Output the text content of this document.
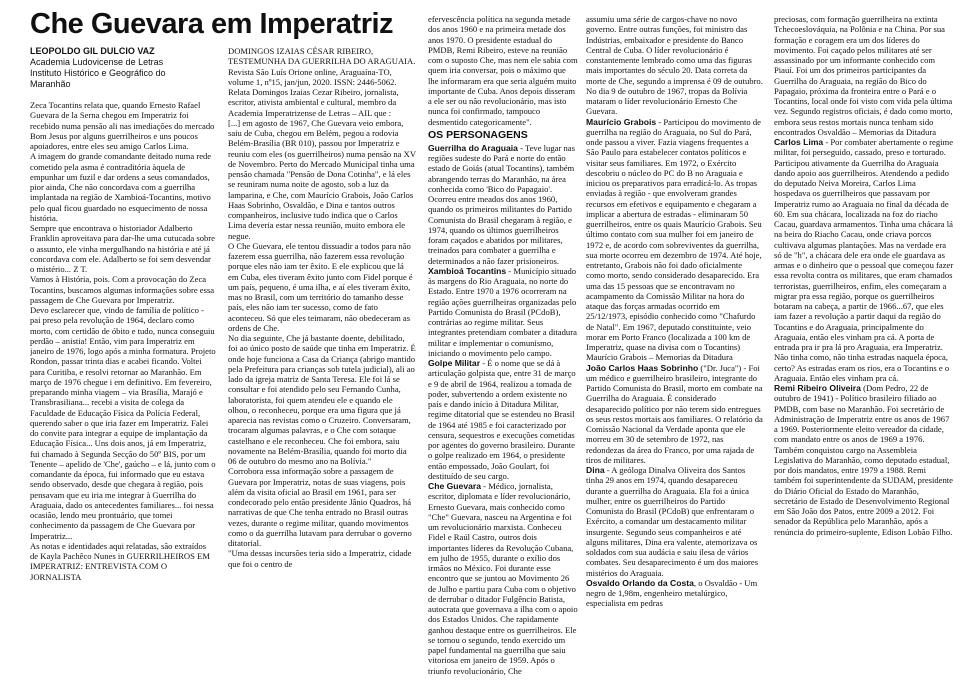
Che Guevara em Imperatriz
LEOPOLDO GIL DULCIO VAZ
Academia Ludovicense de Letras
Instituto Histórico e Geográfico do
Maranhão

Zeca Tocantins relata que, quando Ernesto Rafael Guevara de la Serna chegou em Imperatriz foi recebido numa pensão ali nas imediações do mercado Bom Jesus por alguns guerrilheiros e uns poucos apoiadores, entre eles seu amigo Carlos Lima.

A imagem do grande comandante deitado numa rede cometido pela asma é contraditória àquela de empunhar um fuzil e dar ordens a seus comandados, pior ainda, Che não concordava com a guerrilha implantada na região de Xambioá-Tocantins, motivo pelo qual ficou guardado no esquecimento de nossa história.

Sempre que encontrava o historiador Adalberto Franklin aproveitava para dar-lhe uma cutucada sobre o assunto, ele vinha mergulhando na história e até já concordava com ele. Adalberto se foi sem desvendar o mistério... Z T.

Vamos à História, pois. Com a provocação do Zeca Tocantins, buscamos algumas informações sobre essa passagem de Che Guevara por Imperatriz.

Devo esclarecer que, vindo de família de político - pai preso pela revolução de 1964, declaro como morto, com certidão de óbito e tudo, nunca conseguiu perdão – anistia! Então, vim para Imperatriz em janeiro de 1976, logo após a minha formatura. Projeto Rondon, passar trinta dias e acabei ficando. Voltei para Curitiba, e resolvi retornar ao Maranhão. Em março de 1976 chegue i em definitivo. Em fevereiro, preparando minha viagem – via Brasília, Marajó e Transbrasiliana... recebi a visita de colega da Faculdade de Educação Física da Polícia Federal, querendo saber o que iria fazer em Imperatriz. Falei do convite para integrar a equipe de implantação da Educação Física... Uns dois anos, já em Imperatriz, fui chamado à Segunda Secção do 50º BIS, por um Tenente – apelido de 'Che', gaúcho – e lá, junto com o comandante da época, fui informado que eu estava sendo observado, desde que chegara à região, pois pensavam que eu iria me integrar à Guerrilha do Araguaia, dado os antecedentes familiares... foi nessa ocasião, lendo meu prontuário, que tomei conhecimento da passagem de Che Guevara por Imperatriz...

As notas e identidades aqui relatadas, são extraídos de Kayla Pachêco Nunes in GUERRILHEIROS EM IMPERATRIZ: ENTREVISTA COM O JORNALISTA

DOMINGOS IZAIAS CÉSAR RIBEIRO, TESTEMUNHA DA GUERRILHA DO ARAGUAIA. Revista São Luís Orione online, Araguaína-TO, volume 1, nº15, jan/jun, 2020. ISSN: 2446-5062.

Relata Domingos Izaias Cezar Ribeiro, jornalista, escritor, ativista ambiental e cultural, membro da Academia Imperatrizense de Letras – AIL que :

[...] em agosto de 1967, Che Guevara veio embora, saiu de Cuba, chegou em Belém, pegou a rodovia Belém-Brasília (BR 010), passou por Imperatriz e reuniu com eles (os guerrilheiros) numa pensão na XV de Novembro. Perto do Mercado Municipal tinha uma pensão chamada "Pensão de Dona Cotinha", e lá eles se reuniram numa noite de agosto, sob a luz da lamparina, e Che, com Maurício Grabois, João Carlos Haas Sobrinho, Osvaldão, e Dina e tantos outros companheiros, inclusive tudo indica que o Carlos Lima deveria estar nessa reunião, muito embora ele negue.

O Che Guevara, ele tentou dissuadir a todos para não fazerem essa guerrilha, não fazerem essa revolução porque eles não iam ter êxito. E ele explicou que lá em Cuba, eles tiveram êxito junto com Fidel porque é um país, pequeno, é uma ilha, e aí eles tiveram êxito, mas no Brasil, com um território do tamanho desse país, eles não iam ter sucesso, como de fato aconteceu. Só que eles teimaram, não obedeceram as ordens de Che.

No dia seguinte, Che já bastante doente, debilitado, foi ao único posto de saúde que tinha em Imperatriz. É onde hoje funciona a Casa da Criança (abrigo mantido pela Prefeitura para crianças sob tutela judicial), ali ao lado da igreja matriz de Santa Teresa. Ele foi lá se consultar e foi atendido pelo seu Fernando Cunha, laboratorista, foi quem atendeu ele e quando ele olhou, o reconheceu, porque era uma figura que já aparecia nas revistas como o Cruzeiro. Conversaram, trocaram algumas palavras, e o Che com sotaque castelhano e ele reconheceu. Che foi embora, saiu novamente na Belém-Brasília, quando foi morto dia 06 de outubro do mesmo ano na Bolívia."

Corrobora essa informação sobre a passagem de Guevara por Imperatriz, notas de suas viagens, pois além da visita oficial ao Brasil em 1961, para ser condecorado pelo então presidente Jânio Quadros, há narrativas de que Che tenha entrado no Brasil outras vezes, durante o regime militar, quando movimentos como o da guerrilha lutavam para derrubar o governo ditatorial.

"Uma dessas incursões teria sido a Imperatriz, cidade que foi o centro de

efervescência política na segunda metade dos anos 1960 e na primeira metade dos anos 1970. O presidente estadual do PMDB, Remi Ribeiro, esteve na reunião com o suposto Che, mas nem ele sabia com quem iria conversar, pois o máximo que lhe informaram era que seria alguém muito importante de Cuba. Anos depois disseram a ele ser ou não revolucionário, mas isto nunca foi confirmado, tampouco desmentido categoricamente".

OS PERSONAGENS

Guerrilha do Araguaia - Teve lugar nas regiões sudeste do Pará e norte do então estado de Goiás (atual Tocantins), também abrangendo terras do Maranhão, na área conhecida como 'Bico do Papagaio'. Ocorreu entre meados dos anos 1960, quando os primeiros militantes do Partido Comunista do Brasil chegaram à região, e 1974, quando os últimos guerrilheiros foram caçados e abatidos por militares, treinados para combater a guerrilha e determinados a não fazer prisioneiros.

Xambioá Tocantins - Município situado às margens do Rio Araguaia, no norte do Estado. Entre 1970 a 1976 ocorreram na região ações guerrilheiras organizadas pelo Partido Comunista do Brasil (PCdoB), contrárias ao regime militar. Seus integrantes pretendiam combater a ditadura militar e implementar o comunismo, iniciando o movimento pelo campo.

Golpe Militar - É o nome que se dá à articulação golpista que, entre 31 de março e 9 de abril de 1964, realizou a tomada de poder, subvertendo a ordem existente no país e dando início à Ditadura Militar, regime ditatorial que se estendeu no Brasil de 1964 até 1985 e foi caracterizado por censura, sequestros e execuções cometidas por agentes do governo brasileiro. Durante o golpe realizado em 1964, o presidente então empossado, João Goulart, foi destituído de seu cargo.

Che Guevara - Médico, jornalista, escritor, diplomata e líder revolucionário, Ernesto Guevara, mais conhecido como "Che" Guevara, nasceu na Argentina e foi um revolucionário marxista. Conheceu Fidel e Raúl Castro, outros dois importantes líderes da Revolução Cubana, em julho de 1955, durante o exílio dos irmãos no México. Foi durante esse encontro que se juntou ao Movimento 26 de Julho e partiu para Cuba com o objetivo de derrubar o ditador Fulgêncio Batista, autocrata que governava a ilha com o apoio dos Estados Unidos. Che rapidamente ganhou destaque entre os guerrilheiros. Ele se tornou o segundo, tendo exercido um papel fundamental na guerrilha que saiu vitoriosa em janeiro de 1959. Após o triunfo revolucionário, Che

assumiu uma série de cargos-chave no novo governo. Entre outras funções, foi ministro das Indústrias, embaixador e presidente do Banco Central de Cuba. O líder revolucionário é constantemente lembrado como uma das figuras mais importantes do século 20. Data correta da morte de Che, segundo a imprensa é 09 de outubro. No dia 9 de outubro de 1967, tropas da Bolívia mataram o líder revolucionário Ernesto Che Guevara.

Maurício Grabois - Participou do movimento de guerrilha na região do Araguaia, no Sul do Pará, onde passou a viver. Fazia viagens frequentes a São Paulo para estabelecer contatos políticos e visitar seus familiares. Em 1972, o Exército descobriu o núcleo do PC do B no Araguaia e iniciou os preparativos para erradicá-lo. As tropas enviadas à região - que envolveram grandes recursos em efetivos e equipamento e chegaram a implicar a abertura de estradas - eliminaram 50 guerrilheiros, entre os quais Maurício Grabois. Seu último contato com sua mulher foi em janeiro de 1972 e, de acordo com sobreviventes da guerrilha, sua morte ocorreu em dezembro de 1974. Até hoje, entretanto, Grabois não foi dado oficialmente como morto, sendo considerado desaparecido. Era uma das 15 pessoas que se encontravam no acampamento da Comissão Militar na hora do ataque das forças armadas ocorrido em 25/12/1973, episódio conhecido como "Chafurdo de Natal". Em 1967, deputado constituinte, veio morar em Porto Franco (localizada a 100 km de Imperatriz, quase na divisa com o Tocantins) Maurício Grabois – Memorias da Ditadura

João Carlos Haas Sobrinho ("Dr. Juca") - Foi um médico e guerrilheiro brasileiro, integrante do Partido Comunista do Brasil, morto em combate na Guerrilha do Araguaia. É considerado desaparecido político por não terem sido entregues os seus restos mortais aos familiares. O relatório da Comissão Nacional da Verdade aponta que ele morreu em 30 de setembro de 1972, nas redondezas da área do Franco, por uma rajada de tiros de militares.

Dina - A geóloga Dinalva Oliveira dos Santos tinha 29 anos em 1974, quando desapareceu durante a guerrilha do Araguaia. Ela foi a única mulher, entre os guerrilheiros do Partido Comunista do Brasil (PCdoB) que enfrentaram o Exército, a comandar um destacamento militar insurgente. Segundo seus companheiros e até alguns militares, Dina era valente, atemorizava os soldados com sua audácia e saiu ilesa de vários combates. Seu desaparecimento é um dos maiores mistérios do Araguaia.

Osvaldo Orlando da Costa, o Osvaldão - Um negro de 1,98m, engenheiro metalúrgico, especialista em pedras

preciosas, com formação guerrilheira na extinta Tchecoeslováquia, na Polônia e na China. Por sua formação e coragem era um dos líderes do movimento. Foi caçado pelos militares até ser assassinado por um informante conhecido com Piauí. Foi um dos primeiros participantes da Guerrilha do Araguaia, na região do Bico do Papagaio, próxima da fronteira entre o Pará e o Tocantins, local onde foi visto com vida pela última vez. Segundo registros oficiais, é dado como morto, embora seus restos mortais nunca tenham sido encontrados Osvaldão – Memorias da Ditadura

Carlos Lima - Por combater abertamente o regime militar, foi perseguido, cassado, preso e torturado. Participou ativamente da Guerrilha do Araguaia dando apoio aos guerrilheiros. Atendendo a pedido do deputado Neiva Moreira, Carlos Lima hospedava os guerrilheiros que passavam por Imperatriz rumo ao Araguaia no final da década de 60. Em sua chácara, localizada na foz do riacho Cacau, guardava armamentos. Tinha uma chácara lá na beira do Riacho Cacau, onde criava porcos cultivava algumas plantações. Mas na verdade era só de "h", a chácara dele era onde ele guardava as armas e o dinheiro que o pessoal que começou fazer essa revolta contra os militares, que eram chamados terroristas, guerrilheiros, enfim, eles começaram a migrar pra essa região, porque os guerrilheiros botaram na cabeça, a partir de 1966...67, que eles iam fazer a revolução a partir daqui da região do Tocantins e do Araguaia, principalmente do Araguaia, então eles vinham pra cá. A porta de entrada pra ir pra lá pro Araguaia, era Imperatriz. Não tinha como, não tinha estradas naquela época, certo? As estradas eram os rios, era o Tocantins e o Araguaia. Então eles vinham pra cá.

Remi Ribeiro Oliveira (Dom Pedro, 22 de outubro de 1941) - Político brasileiro filiado ao PMDB, com base no Maranhão. Foi secretário de Administração de Imperatriz entre os anos de 1967 a 1969. Posteriormente eleito vereador da cidade, com mandato entre os anos de 1969 a 1976. Também conquistou cargo na Assembleia Legislativa do Maranhão, como deputado estadual, por dois mandatos, entre 1979 a 1988. Remi também foi superintendente da SUDAM, presidente do Diário Oficial do Estado do Maranhão, secretário de Estado de Desenvolvimento Regional em São João dos Patos, entre 2009 a 2012. Foi senador da República pelo Maranhão, após a renúncia do primeiro-suplente, Edison Lobão Filho.
